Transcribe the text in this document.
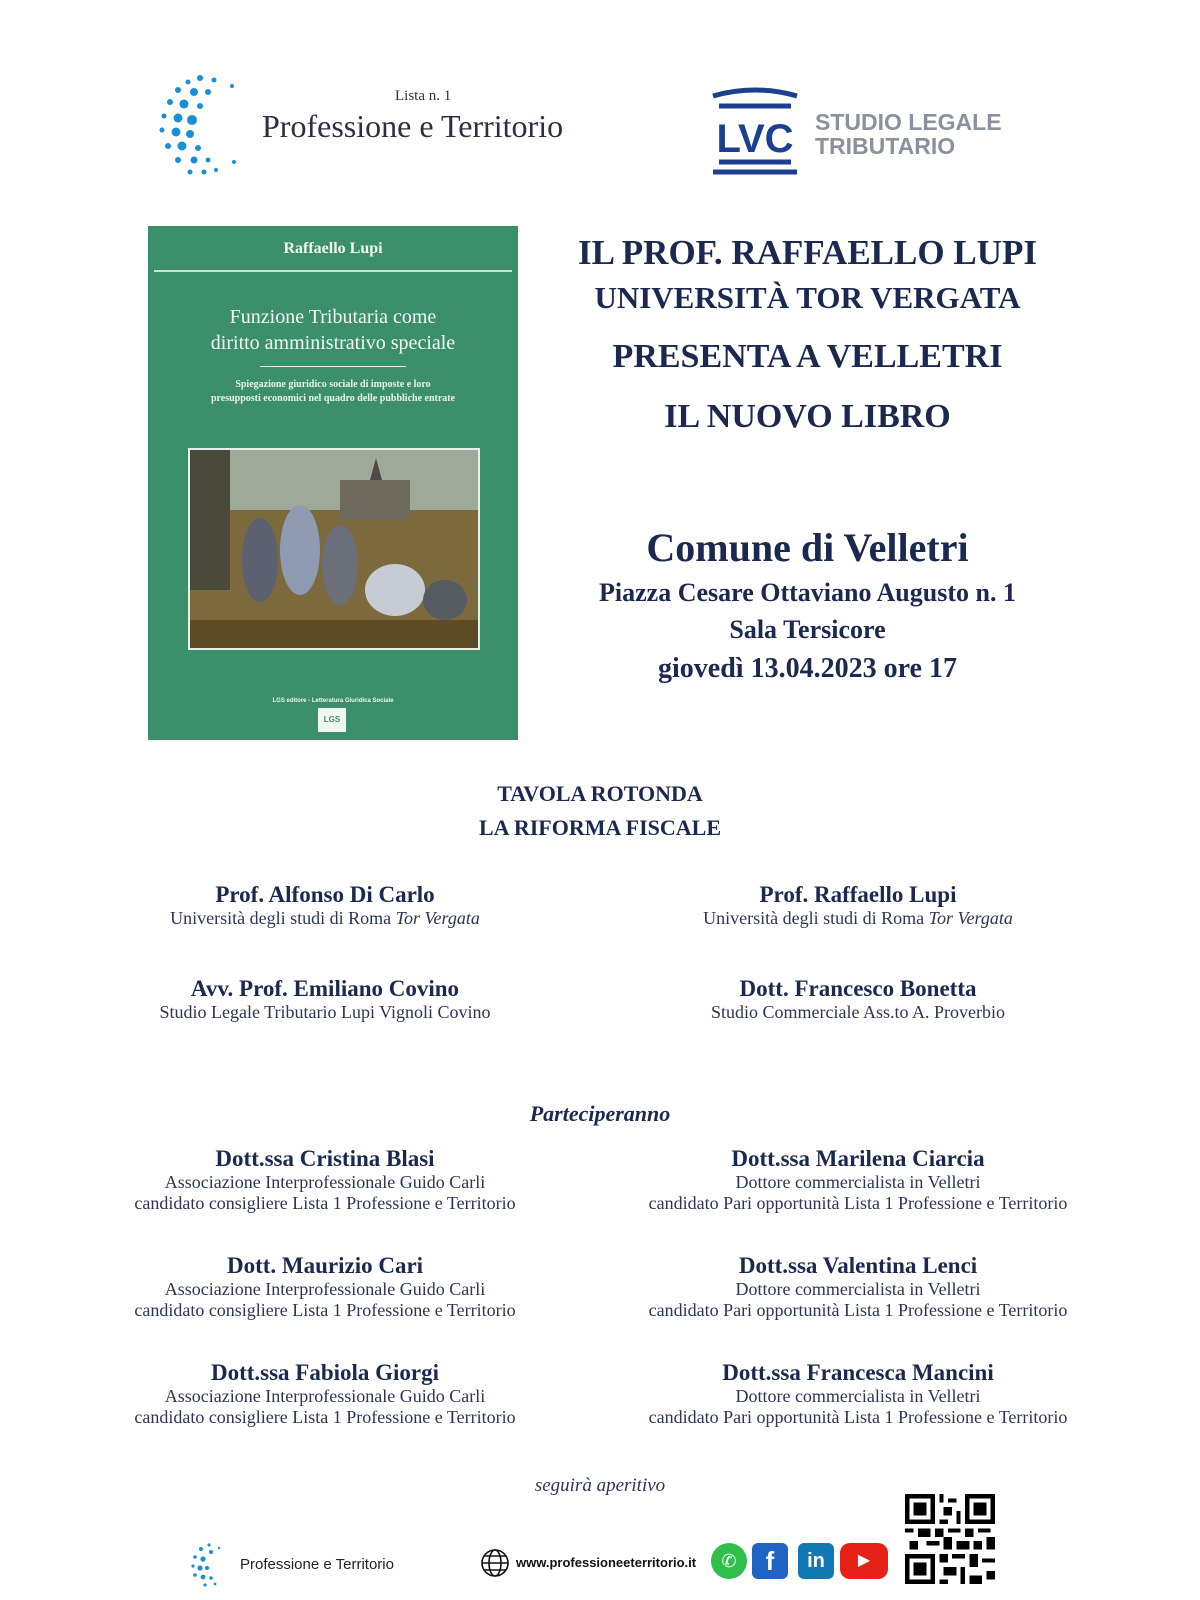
Lista n. 1
Professione e Territorio	LVC STUDIO LEGALE
TRIBUTARIO
Raffaello Lupi
Funzione Tributaria come
diritto amministrativo speciale
Spiegazione giuridico sociale di imposte e loro
presupposti economici nel quadro delle pubbliche entrate
LGS editore - Letteratura Giuridica Sociale
LGS
IL PROF. RAFFAELLO LUPI
UNIVERSITÀ TOR VERGATA
PRESENTA A VELLETRI
IL NUOVO LIBRO
Comune di Velletri
Piazza Cesare Ottaviano Augusto n. 1
Sala Tersicore
giovedì 13.04.2023 ore 17
TAVOLA ROTONDA
LA RIFORMA FISCALE
Prof. Alfonso Di Carlo
Università degli studi di Roma Tor Vergata
Prof. Raffaello Lupi
Università degli studi di Roma Tor Vergata
Avv. Prof. Emiliano Covino
Studio Legale Tributario Lupi Vignoli Covino
Dott. Francesco Bonetta
Studio Commerciale Ass.to A. Proverbio
Parteciperanno
Dott.ssa Cristina Blasi
Associazione Interprofessionale Guido Carli
candidato consigliere Lista 1 Professione e Territorio
Dott.ssa Marilena Ciarcia
Dottore commercialista in Velletri
candidato Pari opportunità Lista 1 Professione e Territorio
Dott. Maurizio Cari
Associazione Interprofessionale Guido Carli
candidato consigliere Lista 1 Professione e Territorio
Dott.ssa Valentina Lenci
Dottore commercialista in Velletri
candidato Pari opportunità Lista 1 Professione e Territorio
Dott.ssa Fabiola Giorgi
Associazione Interprofessionale Guido Carli
candidato consigliere Lista 1 Professione e Territorio
Dott.ssa Francesca Mancini
Dottore commercialista in Velletri
candidato Pari opportunità Lista 1 Professione e Territorio
seguirà aperitivo
Professione e Territorio	www.professioneeterritorio.it	✆	f	in	▶
